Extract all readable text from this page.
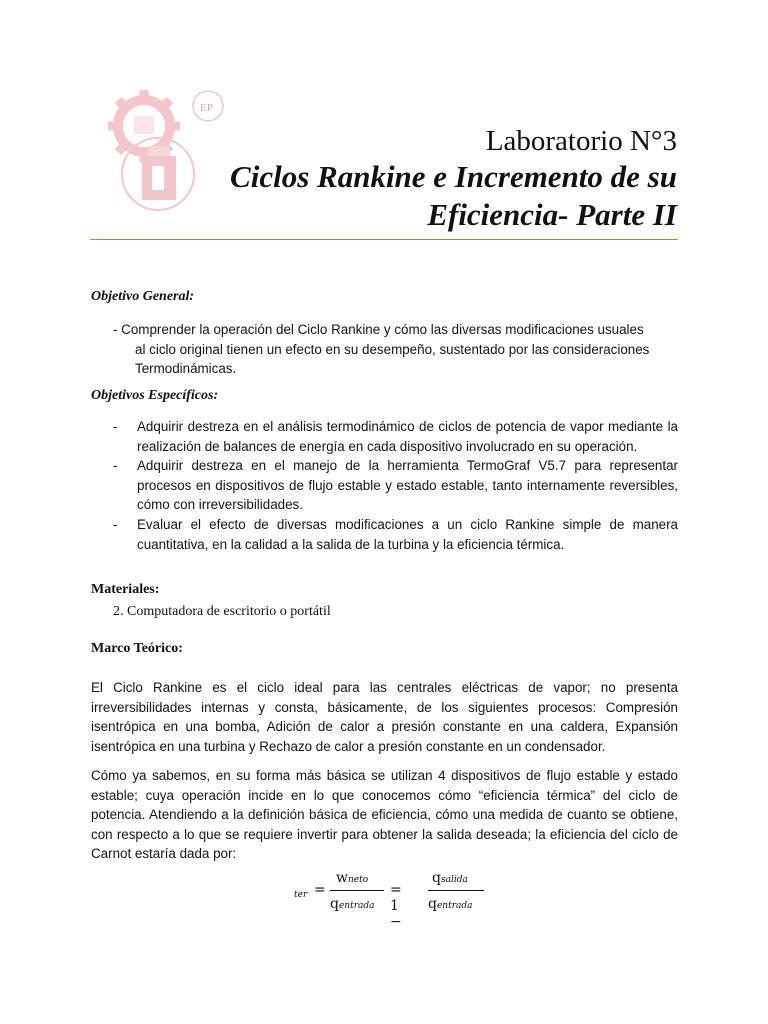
EP
Laboratorio N°3
Ciclos Rankine e Incremento de su
Eficiencia- Parte II
Objetivo General:
- Comprender la operación del Ciclo Rankine y cómo las diversas modificaciones usuales
al ciclo original tienen un efecto en su desempeño, sustentado por las consideraciones
Termodinámicas.
Objetivos Específicos:
- Adquirir destreza en el análisis termodinámico de ciclos de potencia de vapor mediante la realización de balances de energía en cada dispositivo involucrado en su operación.
- Adquirir destreza en el manejo de la herramienta TermoGraf V5.7 para representar procesos en dispositivos de flujo estable y estado estable, tanto internamente reversibles, cómo con irreversibilidades.
- Evaluar el efecto de diversas modificaciones a un ciclo Rankine simple de manera cuantitativa, en la calidad a la salida de la turbina y la eficiencia térmica.
Materiales:
2. Computadora de escritorio o portátil
Marco Teórico:
El Ciclo Rankine es el ciclo ideal para las centrales eléctricas de vapor; no presenta irreversibilidades internas y consta, básicamente, de los siguientes procesos: Compresión isentrópica en una bomba, Adición de calor a presión constante en una caldera, Expansión isentrópica en una turbina y Rechazo de calor a presión constante en un condensador.
Cómo ya sabemos, en su forma más básica se utilizan 4 dispositivos de flujo estable y estado estable; cuya operación incide en lo que conocemos cómo “eficiencia térmica” del ciclo de potencia. Atendiendo a la definición básica de eficiencia, cómo una medida de cuanto se obtiene, con respecto a lo que se requiere invertir para obtener la salida deseada; la eficiencia del ciclo de Carnot estaría dada por:
ter =
wneto
qentrada
= 1 −
qsalida
qentrada
